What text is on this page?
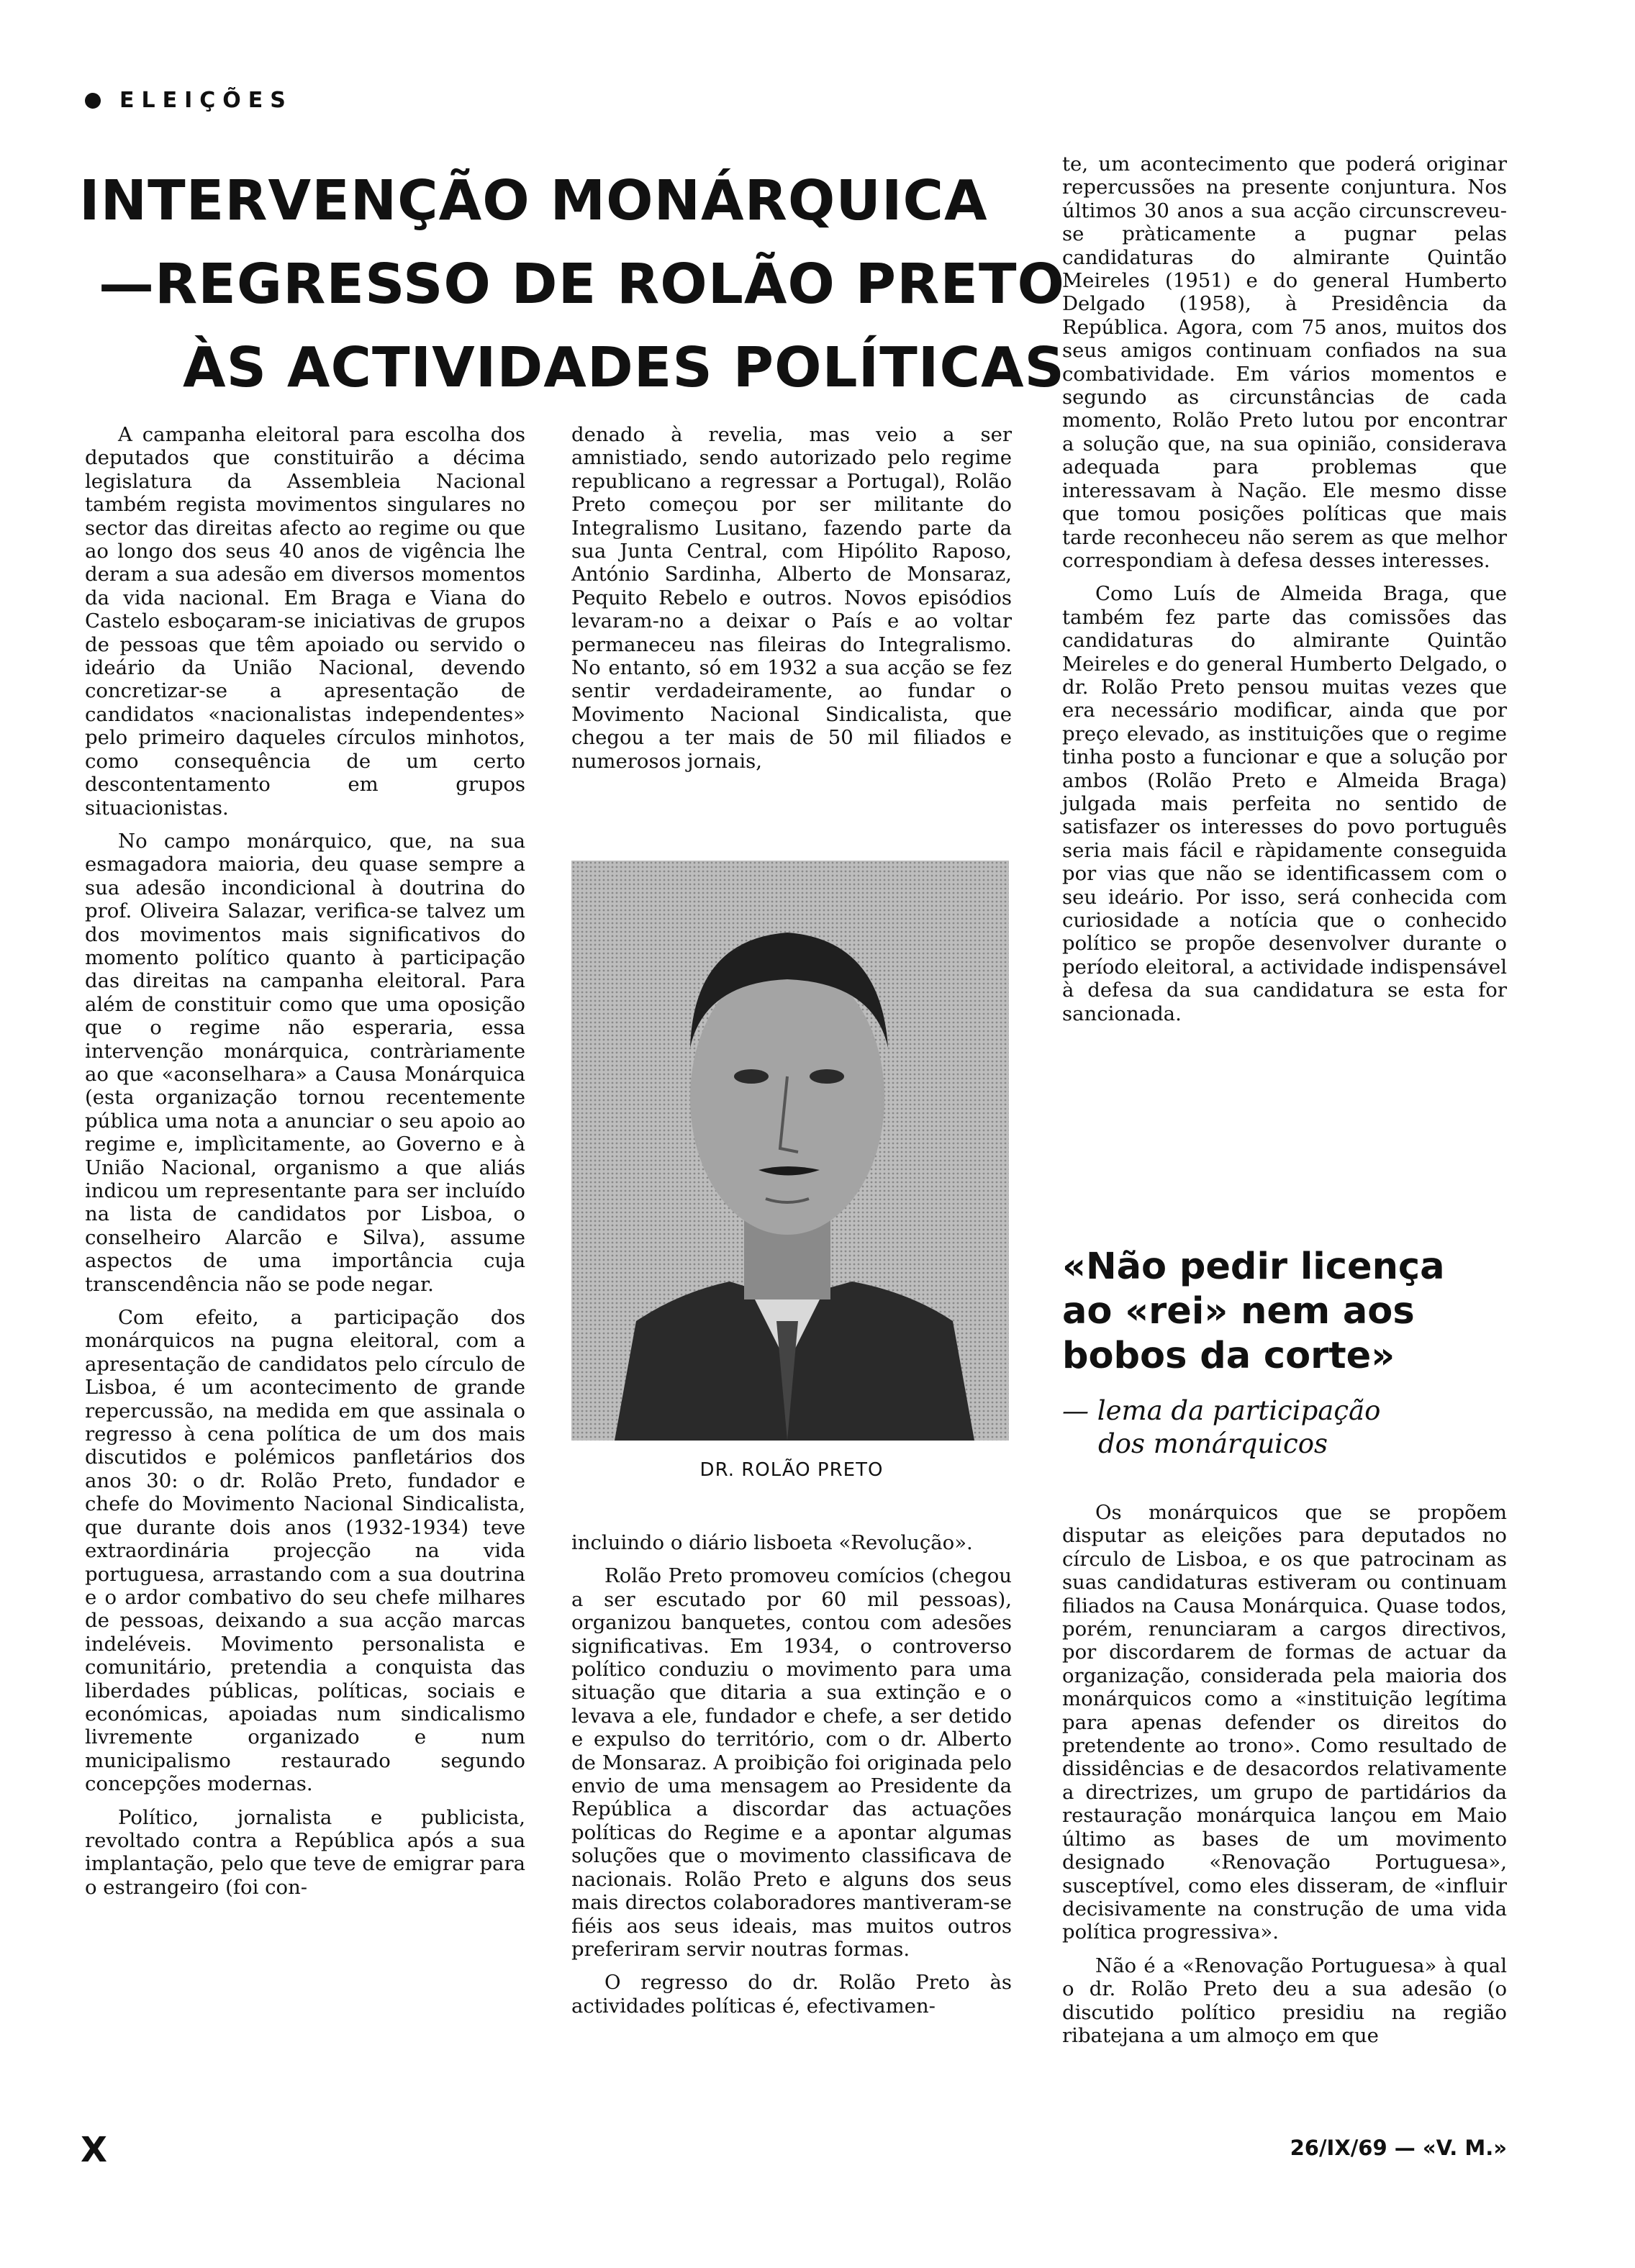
ELEIÇÕES
INTERVENÇÃO MONÁRQUICA
—REGRESSO DE ROLÃO PRETO
ÀS ACTIVIDADES POLÍTICAS

A campanha eleitoral para escolha dos deputados que constituirão a décima legislatura da Assembleia Nacional também regista movimentos singulares no sector das direitas afecto ao regime ou que ao longo dos seus 40 anos de vigência lhe deram a sua adesão em diversos momentos da vida nacional. Em Braga e Viana do Castelo esboçaram-se iniciativas de grupos de pessoas que têm apoiado ou servido o ideário da União Nacional, devendo concretizar-se a apresentação de candidatos «nacionalistas independentes» pelo primeiro daqueles círculos minhotos, como consequência de um certo descontentamento em grupos situacionistas.

No campo monárquico, que, na sua esmagadora maioria, deu quase sempre a sua adesão incondicional à doutrina do prof. Oliveira Salazar, verifica-se talvez um dos movimentos mais significativos do momento político quanto à participação das direitas na campanha eleitoral. Para além de constituir como que uma oposição que o regime não esperaria, essa intervenção monárquica, contràriamente ao que «aconselhara» a Causa Monárquica (esta organização tornou recentemente pública uma nota a anunciar o seu apoio ao regime e, implìcitamente, ao Governo e à União Nacional, organismo a que aliás indicou um representante para ser incluído na lista de candidatos por Lisboa, o conselheiro Alarcão e Silva), assume aspectos de uma importância cuja transcendência não se pode negar.

Com efeito, a participação dos monárquicos na pugna eleitoral, com a apresentação de candidatos pelo círculo de Lisboa, é um acontecimento de grande repercussão, na medida em que assinala o regresso à cena política de um dos mais discutidos e polémicos panfletários dos anos 30: o dr. Rolão Preto, fundador e chefe do Movimento Nacional Sindicalista, que durante dois anos (1932-1934) teve extraordinária projecção na vida portuguesa, arrastando com a sua doutrina e o ardor combativo do seu chefe milhares de pessoas, deixando a sua acção marcas indeléveis. Movimento personalista e comunitário, pretendia a conquista das liberdades públicas, políticas, sociais e económicas, apoiadas num sindicalismo livremente organizado e num municipalismo restaurado segundo concepções modernas.

Político, jornalista e publicista, revoltado contra a República após a sua implantação, pelo que teve de emigrar para o estrangeiro (foi con-

denado à revelia, mas veio a ser amnistiado, sendo autorizado pelo regime republicano a regressar a Portugal), Rolão Preto começou por ser militante do Integralismo Lusitano, fazendo parte da sua Junta Central, com Hipólito Raposo, António Sardinha, Alberto de Monsaraz, Pequito Rebelo e outros. Novos episódios levaram-no a deixar o País e ao voltar permaneceu nas fileiras do Integralismo. No entanto, só em 1932 a sua acção se fez sentir verdadeiramente, ao fundar o Movimento Nacional Sindicalista, que chegou a ter mais de 50 mil filiados e numerosos jornais,

DR. ROLÃO PRETO

incluindo o diário lisboeta «Revolução».

Rolão Preto promoveu comícios (chegou a ser escutado por 60 mil pessoas), organizou banquetes, contou com adesões significativas. Em 1934, o controverso político conduziu o movimento para uma situação que ditaria a sua extinção e o levava a ele, fundador e chefe, a ser detido e expulso do território, com o dr. Alberto de Monsaraz. A proibição foi originada pelo envio de uma mensagem ao Presidente da República a discordar das actuações políticas do Regime e a apontar algumas soluções que o movimento classificava de nacionais. Rolão Preto e alguns dos seus mais directos colaboradores mantiveram-se fiéis aos seus ideais, mas muitos outros preferiram servir noutras formas.

O regresso do dr. Rolão Preto às actividades políticas é, efectivamen-

te, um acontecimento que poderá originar repercussões na presente conjuntura. Nos últimos 30 anos a sua acção circunscreveu-se pràticamente a pugnar pelas candidaturas do almirante Quintão Meireles (1951) e do general Humberto Delgado (1958), à Presidência da República. Agora, com 75 anos, muitos dos seus amigos continuam confiados na sua combatividade. Em vários momentos e segundo as circunstâncias de cada momento, Rolão Preto lutou por encontrar a solução que, na sua opinião, considerava adequada para problemas que interessavam à Nação. Ele mesmo disse que tomou posições políticas que mais tarde reconheceu não serem as que melhor correspondiam à defesa desses interesses.

Como Luís de Almeida Braga, que também fez parte das comissões das candidaturas do almirante Quintão Meireles e do general Humberto Delgado, o dr. Rolão Preto pensou muitas vezes que era necessário modificar, ainda que por preço elevado, as instituições que o regime tinha posto a funcionar e que a solução por ambos (Rolão Preto e Almeida Braga) julgada mais perfeita no sentido de satisfazer os interesses do povo português seria mais fácil e ràpidamente conseguida por vias que não se identificassem com o seu ideário. Por isso, será conhecida com curiosidade a notícia que o conhecido político se propõe desenvolver durante o período eleitoral, a actividade indispensável à defesa da sua candidatura se esta for sancionada.

«Não pedir licença
ao «rei» nem aos
bobos da corte»
— lema da participação
dos monárquicos

Os monárquicos que se propõem disputar as eleições para deputados no círculo de Lisboa, e os que patrocinam as suas candidaturas estiveram ou continuam filiados na Causa Monárquica. Quase todos, porém, renunciaram a cargos directivos, por discordarem de formas de actuar da organização, considerada pela maioria dos monárquicos como a «instituição legítima para apenas defender os direitos do pretendente ao trono». Como resultado de dissidências e de desacordos relativamente a directrizes, um grupo de partidários da restauração monárquica lançou em Maio último as bases de um movimento designado «Renovação Portuguesa», susceptível, como eles disseram, de «influir decisivamente na construção de uma vida política progressiva».

Não é a «Renovação Portuguesa» à qual o dr. Rolão Preto deu a sua adesão (o discutido político presidiu na região ribatejana a um almoço em que

X	26/IX/69 — «V. M.»
